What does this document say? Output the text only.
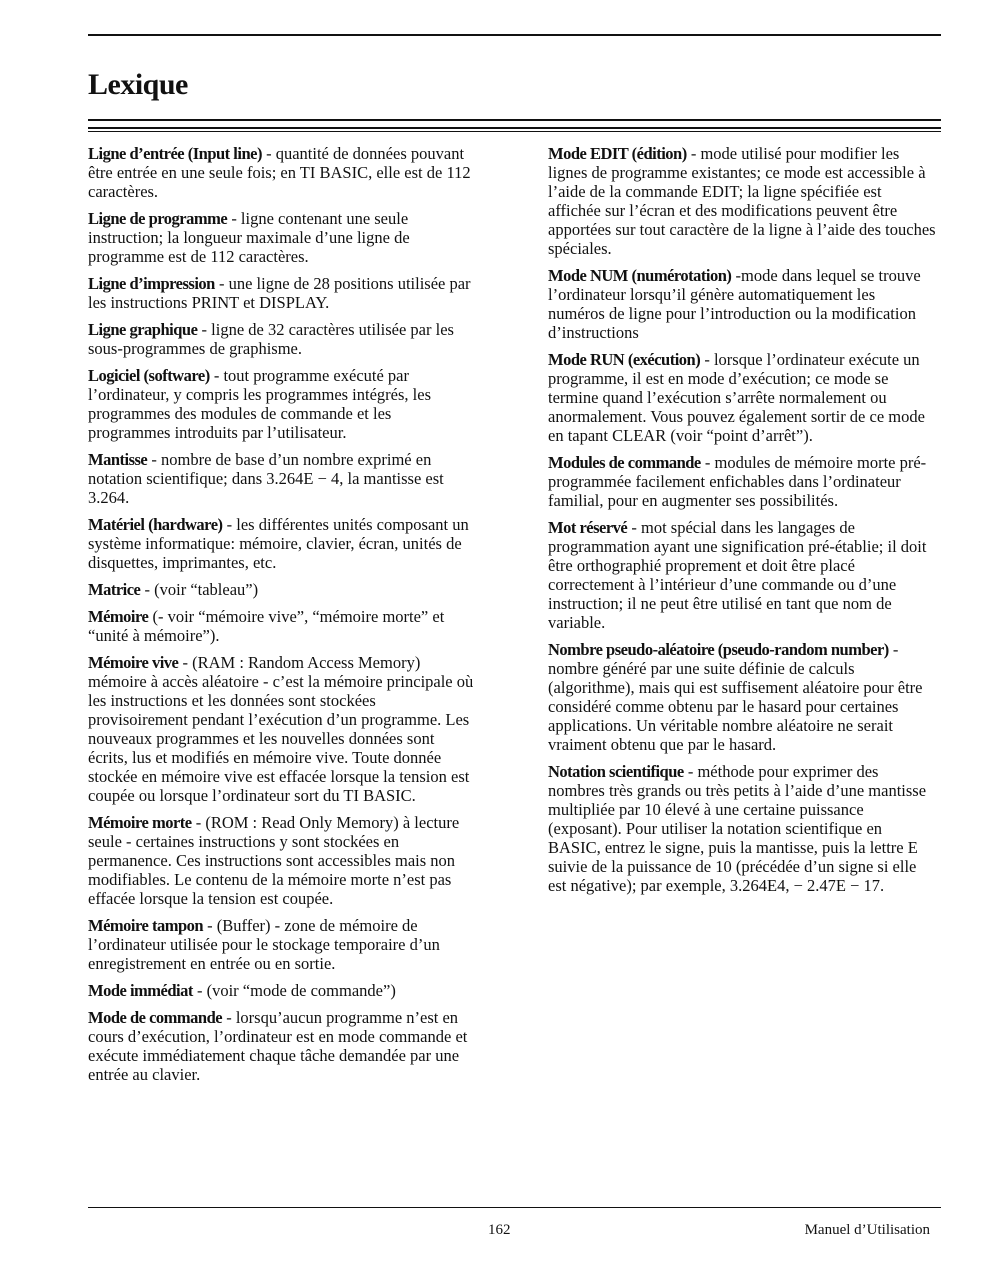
Lexique

Ligne d’entrée (Input line) - quantité de données pouvant être entrée en une seule fois; en TI BASIC, elle est de 112 caractères.

Ligne de programme - ligne contenant une seule instruction; la longueur maximale d’une ligne de programme est de 112 caractères.

Ligne d’impression - une ligne de 28 positions utilisée par les instructions PRINT et DISPLAY.

Ligne graphique - ligne de 32 caractères utilisée par les sous-programmes de graphisme.

Logiciel (software) - tout programme exécuté par l’ordinateur, y compris les programmes intégrés, les programmes des modules de commande et les programmes introduits par l’utilisateur.

Mantisse - nombre de base d’un nombre exprimé en notation scientifique; dans 3.264E − 4, la mantisse est 3.264.

Matériel (hardware) - les différentes unités composant un système informatique: mémoire, clavier, écran, unités de disquettes, imprimantes, etc.

Matrice - (voir “tableau”)

Mémoire (- voir “mémoire vive”, “mémoire morte” et “unité à mémoire”).

Mémoire vive - (RAM : Random Access Memory) mémoire à accès aléatoire - c’est la mémoire principale où les instructions et les données sont stockées provisoirement pendant l’exécution d’un programme. Les nouveaux programmes et les nouvelles données sont écrits, lus et modifiés en mémoire vive. Toute donnée stockée en mémoire vive est effacée lorsque la tension est coupée ou lorsque l’ordinateur sort du TI BASIC.

Mémoire morte - (ROM : Read Only Memory) à lecture seule - certaines instructions y sont stockées en permanence. Ces instructions sont accessibles mais non modifiables. Le contenu de la mémoire morte n’est pas effacée lorsque la tension est coupée.

Mémoire tampon - (Buffer) - zone de mémoire de l’ordinateur utilisée pour le stockage temporaire d’un enregistrement en entrée ou en sortie.

Mode immédiat - (voir “mode de commande”)

Mode de commande - lorsqu’aucun programme n’est en cours d’exécution, l’ordinateur est en mode commande et exécute immédiatement chaque tâche demandée par une entrée au clavier.

Mode EDIT (édition) - mode utilisé pour modifier les lignes de programme existantes; ce mode est accessible à l’aide de la commande EDIT; la ligne spécifiée est affichée sur l’écran et des modifications peuvent être apportées sur tout caractère de la ligne à l’aide des touches spéciales.

Mode NUM (numérotation) -mode dans lequel se trouve l’ordinateur lorsqu’il génère automatiquement les numéros de ligne pour l’introduction ou la modification d’instructions

Mode RUN (exécution) - lorsque l’ordinateur exécute un programme, il est en mode d’exécution; ce mode se termine quand l’exécution s’arrête normalement ou anormalement. Vous pouvez également sortir de ce mode en tapant CLEAR (voir “point d’arrêt”).

Modules de commande - modules de mémoire morte pré-programmée facilement enfichables dans l’ordinateur familial, pour en augmenter ses possibilités.

Mot réservé - mot spécial dans les langages de programmation ayant une signification pré-établie; il doit être orthographié proprement et doit être placé correctement à l’intérieur d’une commande ou d’une instruction; il ne peut être utilisé en tant que nom de variable.

Nombre pseudo-aléatoire (pseudo-random number) - nombre généré par une suite définie de calculs (algorithme), mais qui est suffisement aléatoire pour être considéré comme obtenu par le hasard pour certaines applications. Un véritable nombre aléatoire ne serait vraiment obtenu que par le hasard.

Notation scientifique - méthode pour exprimer des nombres très grands ou très petits à l’aide d’une mantisse multipliée par 10 élevé à une certaine puissance (exposant). Pour utiliser la notation scientifique en BASIC, entrez le signe, puis la mantisse, puis la lettre E suivie de la puissance de 10 (précédée d’un signe si elle est négative); par exemple, 3.264E4, − 2.47E − 17.

162	Manuel d’Utilisation
